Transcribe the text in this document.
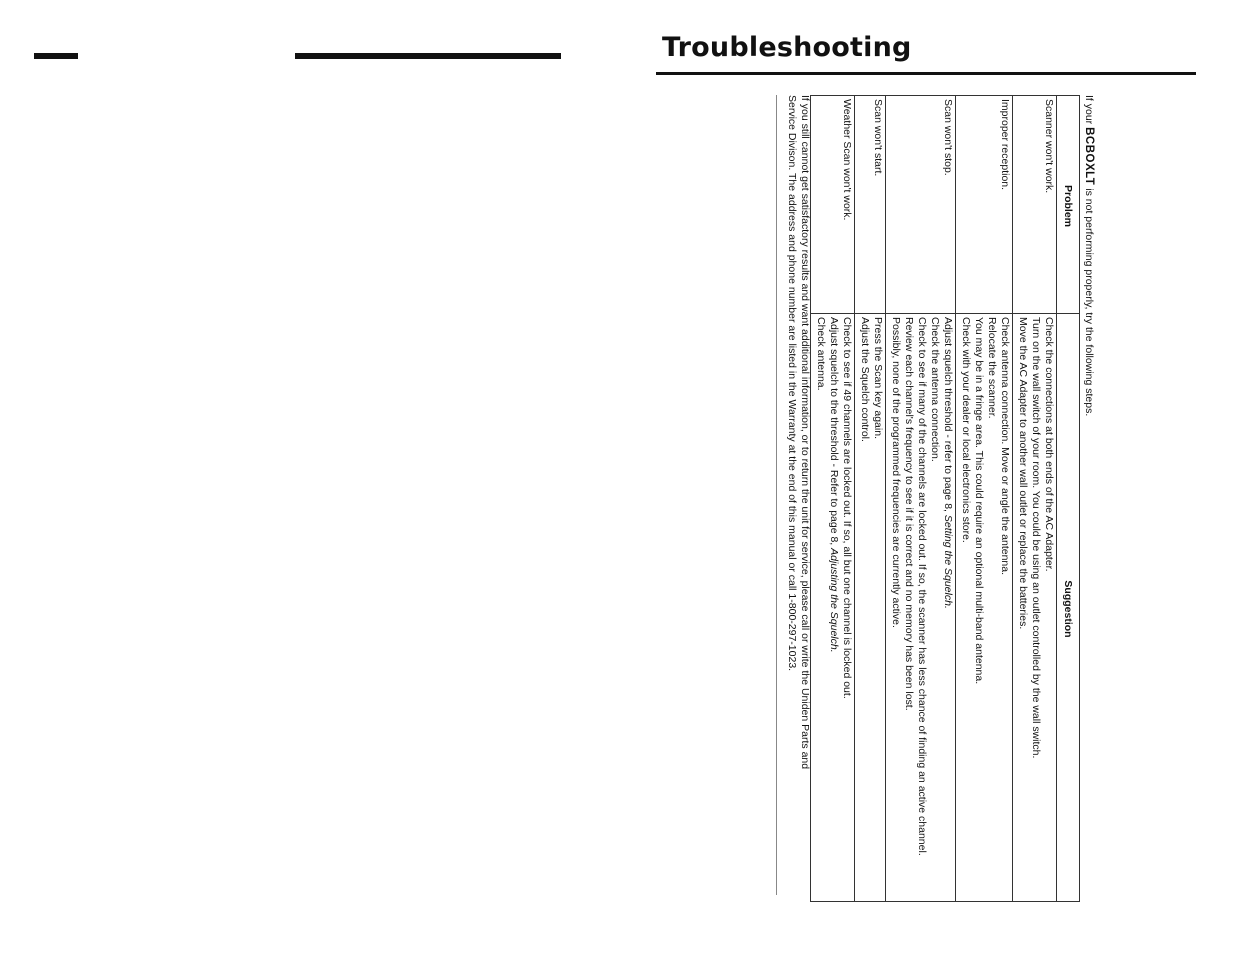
Troubleshooting
If your BCBOXLT is not performing properly, try the following steps.
Problem	Suggestion
Scanner won't work.	Check the connections at both ends of the AC Adapter.
Turn on the wall switch of your room. You could be using an outlet controlled by the wall switch.
Move the AC Adapter to another wall outlet or replace the batteries.

Improper reception.	Check antenna connection. Move or angle the antenna.
Relocate the scanner.
You may be in a fringe area. This could require an optional multi-band antenna.
Check with your dealer or local electronics store.

Scan won't stop.	Adjust squelch threshold - refer to page 8, Setting the Squelch.
Check the antenna connection.
Check to see if many of the channels are locked out. If so, the scanner has less chance of finding an active channel.
Review each channel's frequency to see if it is correct and no memory has been lost.
Possibly, none of the programmed frequencies are currently active.

Scan won't start.	Press the Scan key again.
Adjust the Squelch control.

Weather Scan won't work.	Check to see if 49 channels are locked out. If so, all but one channel is locked out.
Adjust squelch to the threshold - Refer to page 8, Adjusting the Squelch.
Check antenna.

If you still cannot get satisfactory results and want additional information, or to return the unit for service, please call or write the Uniden Parts and

Service Divison. The address and phone number are listed in the Warranty at the end of this manual or call 1-800-297-1023.
